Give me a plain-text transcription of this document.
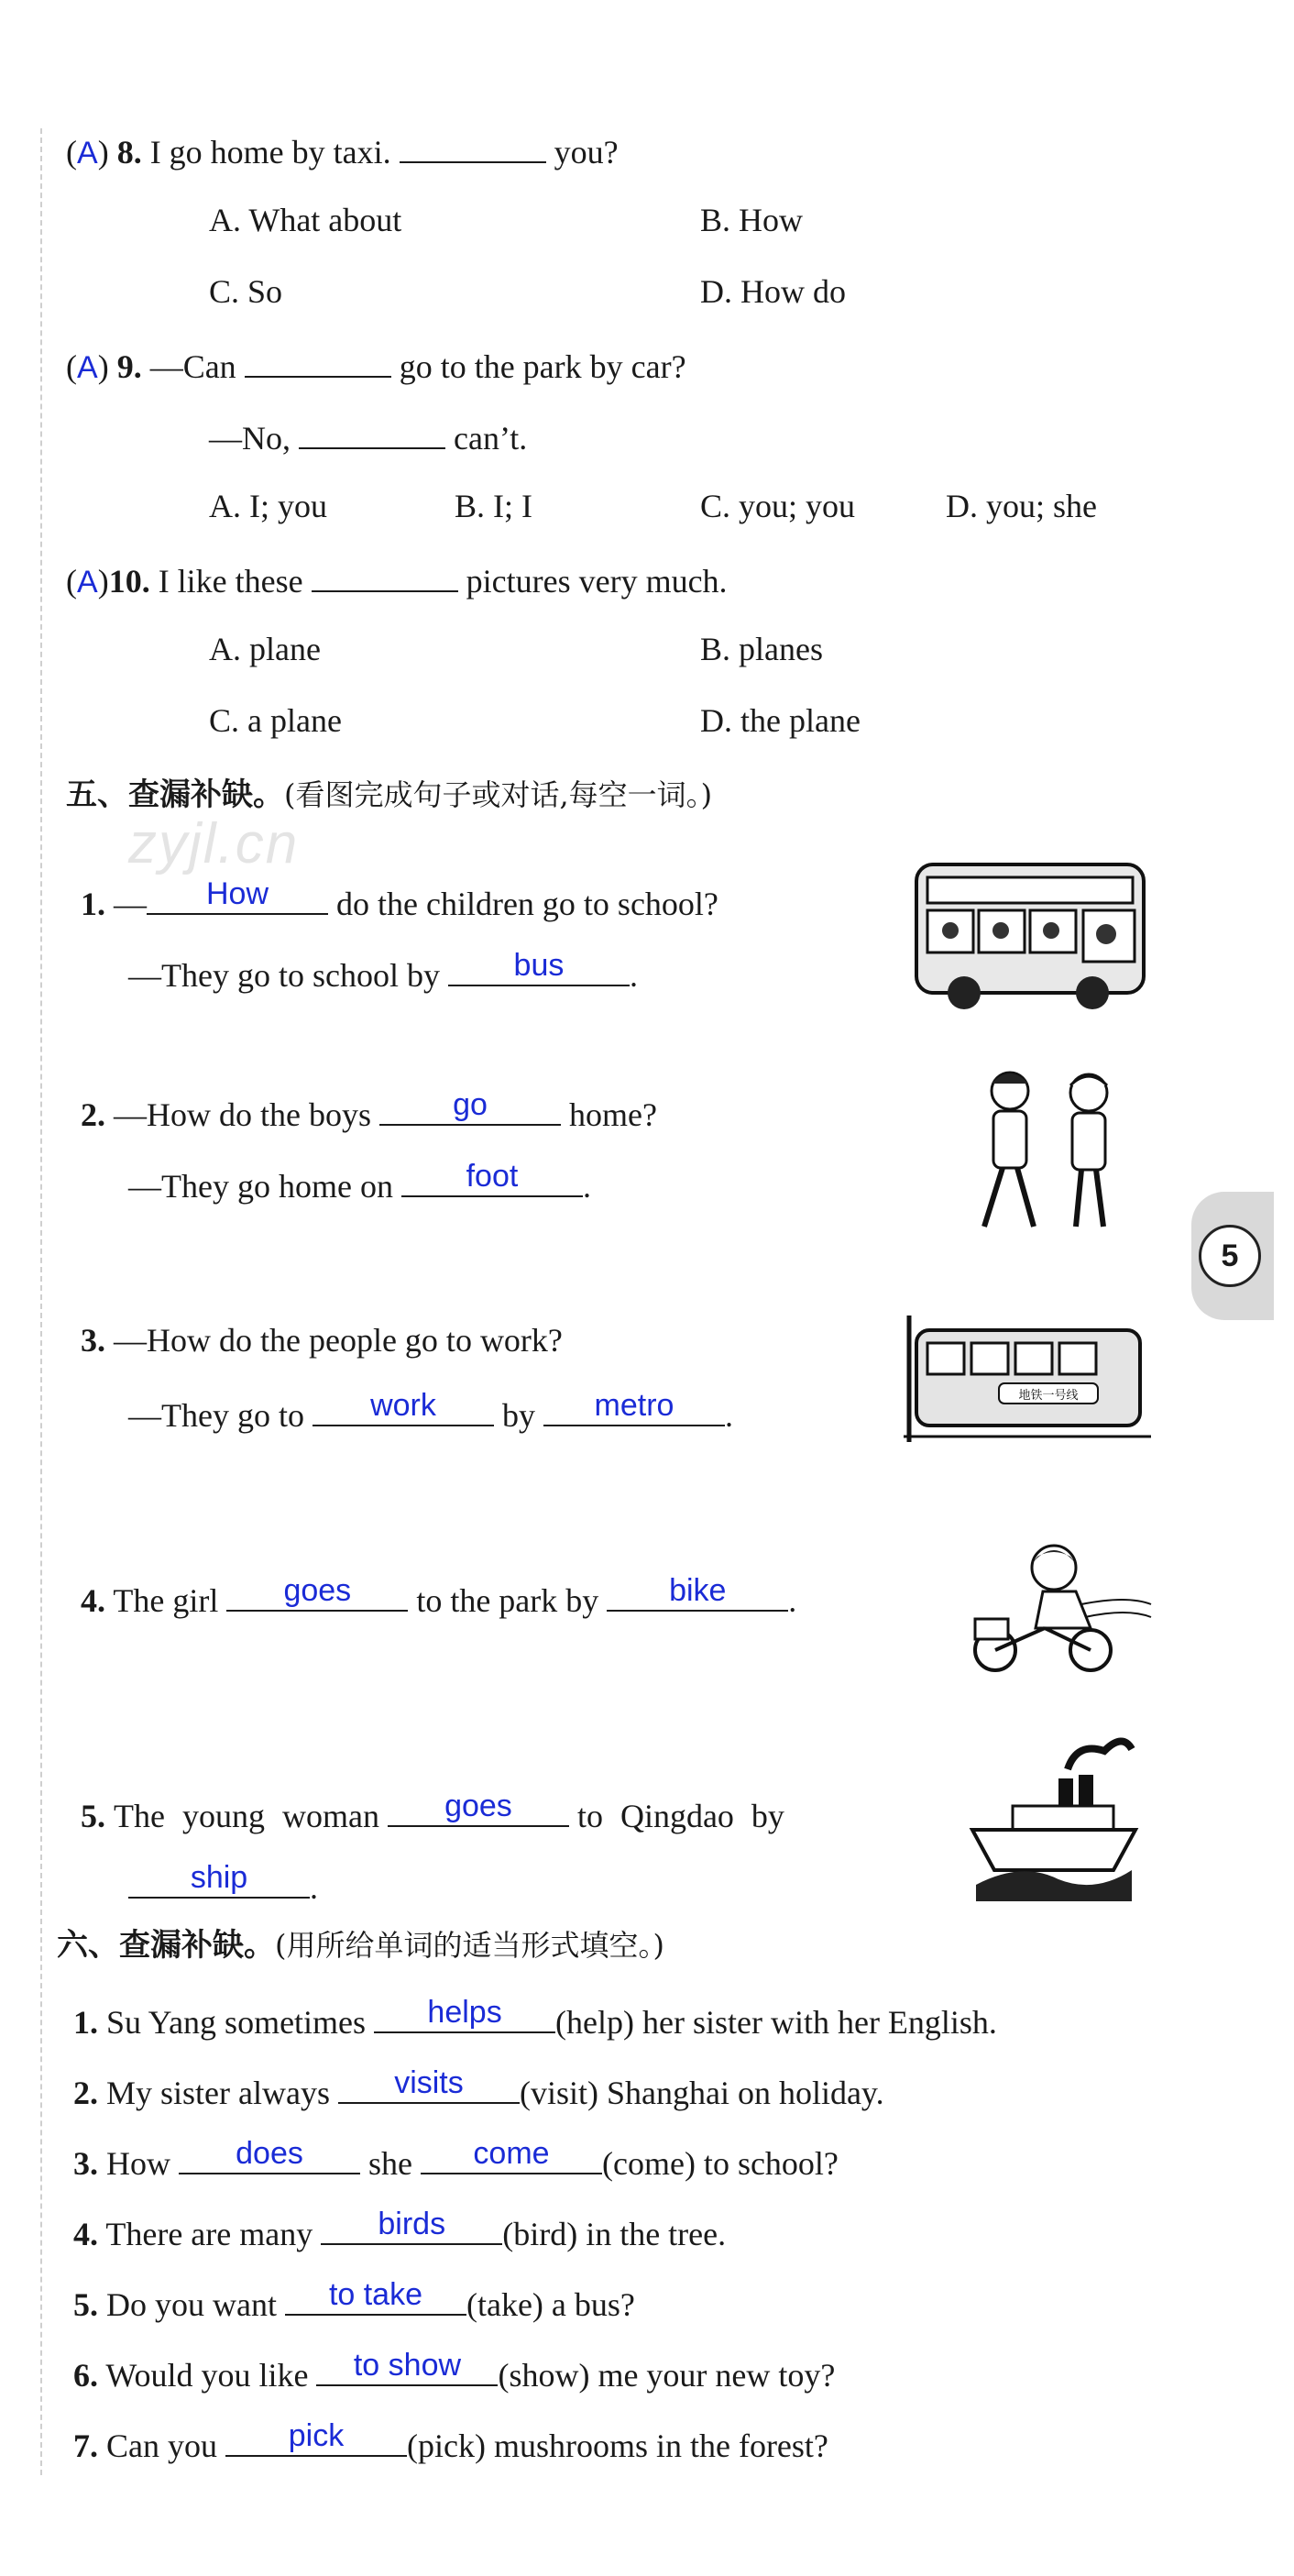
zyjl.cn
(A) 8. I go home by taxi.	you?
A. What about	B. How
C. So	D. How do
(A) 9. —Can	go to the park by car?
—No,	can’t.
A. I; you	B. I; I	C. you; you	D. you; she
(A)10. I like these	pictures very much.
A. plane	B. planes
C. a plane	D. the plane
五、查漏补缺。(看图完成句子或对话,每空一词。)
1. —	How	do the children go to school?
—They go to school by	bus	.
2. —How do the boys	go	home?
—They go home on	foot	.
3. —How do the people go to work?
—They go to	work	by	metro	.
地铁一号线
4. The girl	goes	to the park by	bike	.
5. The young woman	goes	to Qingdao by
ship	.
六、查漏补缺。(用所给单词的适当形式填空。)
1. Su Yang sometimes	helps	(help) her sister with her English.
2. My sister always	visits	(visit) Shanghai on holiday.
3. How	does	she	come	(come) to school?
4. There are many	birds	(bird) in the tree.
5. Do you want	to take	(take) a bus?
6. Would you like	to show	(show) me your new toy?
7. Can you	pick	(pick) mushrooms in the forest?
5
